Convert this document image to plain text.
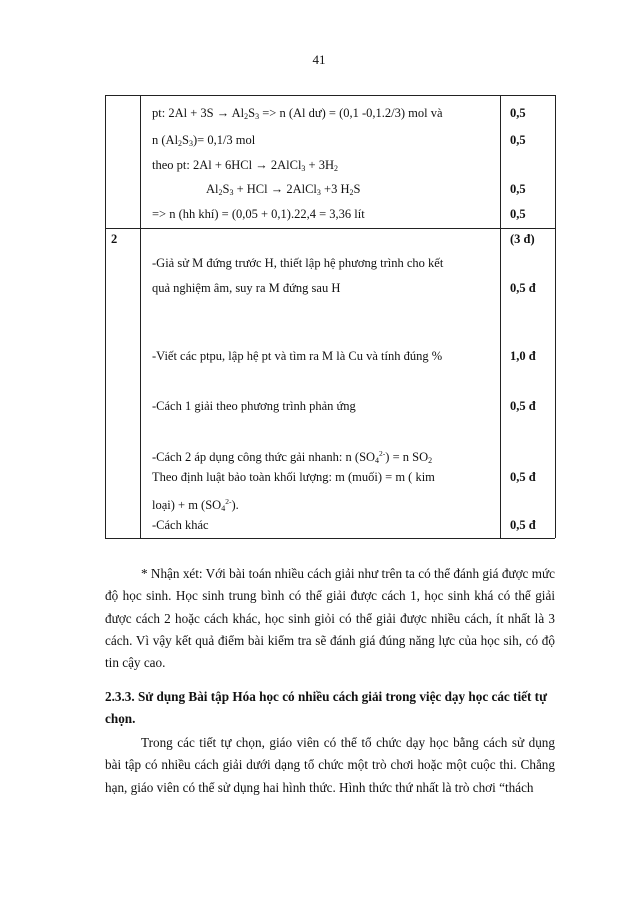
41
pt: $2Al + 3S \to Al_2S_3 => n$ (Al dư) = (0,1 -0,1.2/3) mol và	0,5
n $(Al_2S_3)= 0,1/3$ mol	0,5
theo pt: 2Al + 6HCl → 2AlCl$_3$ + $3H_2$
$Al_2S_3$ + HCl → 2AlCl$_3$ +3 $H_2S$	0,5
=> n (hh khí) = (0,05 + 0,1).22,4 = 3,36 lít	0,5
2	(3 đ)
-Giả sử M đứng trước H, thiết lập hệ phương trình cho kết
quả nghiệm âm, suy ra M đứng sau H	0,5 đ
-Viết các ptpu, lập hệ pt và tìm ra M là Cu và tính đúng %	1,0 đ
-Cách 1 giải theo phương trình phản ứng	0,5 đ
-Cách 2 áp dụng công thức gải nhanh: n $(SO_4^{2-}) = n$ $SO_2$
Theo định luật bảo toàn khối lượng: m (muối) = m ( kim	0,5 đ
loại) + m $(SO_4^{2-})$.
-Cách khác	0,5 đ
* Nhận xét: Với bài toán nhiều cách giải như trên ta có thể đánh giá được mức độ học sinh. Học sinh trung bình có thể giải được cách 1, học sinh khá có thể giải được cách 2 hoặc cách khác, học sinh giỏi có thể giải được nhiều cách, ít nhất là 3 cách. Vì vậy kết quả điểm bài kiểm tra sẽ đánh giá đúng năng lực của học sih, có độ tin cậy cao.
2.3.3. Sử dụng Bài tập Hóa học có nhiều cách giải trong việc dạy học các tiết tự chọn.
Trong các tiết tự chọn, giáo viên có thể tổ chức dạy học bằng cách sử dụng bài tập có nhiều cách giải dưới dạng tổ chức một trò chơi hoặc một cuộc thi. Chẳng hạn, giáo viên có thể sử dụng hai hình thức. Hình thức thứ nhất là trò chơi “thách
